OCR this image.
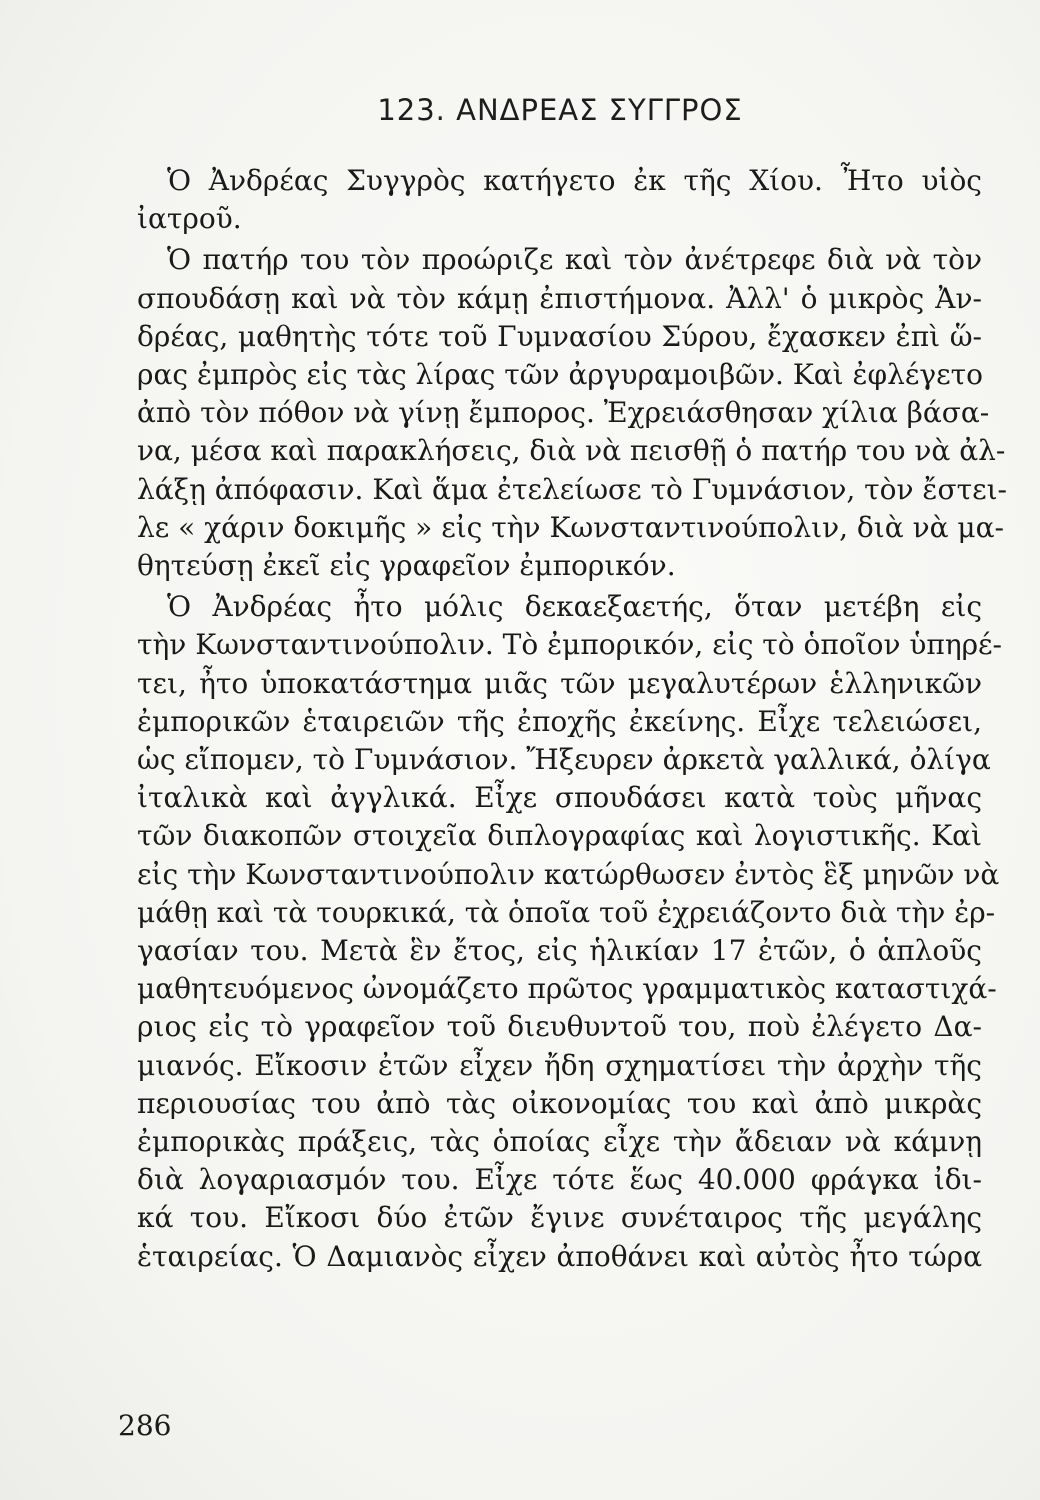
123. ΑΝΔΡΕΑΣ ΣΥΓΓΡΟΣ
Ὁ Ἀνδρέας Συγγρὸς κατήγετο ἐκ τῆς Χίου. Ἦτο υἱὸς
ἰατροῦ.
Ὁ πατήρ του τὸν προώριζε καὶ τὸν ἀνέτρεφε διὰ νὰ τὸν
σπουδάσῃ καὶ νὰ τὸν κάμῃ ἐπιστήμονα. Ἀλλ' ὁ μικρὸς Ἀν-
δρέας, μαθητὴς τότε τοῦ Γυμνασίου Σύρου, ἔχασκεν ἐπὶ ὥ-
ρας ἐμπρὸς εἰς τὰς λίρας τῶν ἀργυραμοιβῶν. Καὶ ἐφλέγετο
ἀπὸ τὸν πόθον νὰ γίνῃ ἔμπορος. Ἐχρειάσθησαν χίλια βάσα-
να, μέσα καὶ παρακλήσεις, διὰ νὰ πεισθῇ ὁ πατήρ του νὰ ἀλ-
λάξῃ ἀπόφασιν. Καὶ ἅμα ἐτελείωσε τὸ Γυμνάσιον, τὸν ἔστει-
λε « χάριν δοκιμῆς » εἰς τὴν Κωνσταντινούπολιν, διὰ νὰ μα-
θητεύσῃ ἐκεῖ εἰς γραφεῖον ἐμπορικόν.
Ὁ Ἀνδρέας ἦτο μόλις δεκαεξαετής, ὅταν μετέβη εἰς
τὴν Κωνσταντινούπολιν. Τὸ ἐμπορικόν, εἰς τὸ ὁποῖον ὑπηρέ-
τει, ἦτο ὑποκατάστημα μιᾶς τῶν μεγαλυτέρων ἑλληνικῶν
ἐμπορικῶν ἑταιρειῶν τῆς ἐποχῆς ἐκείνης. Εἶχε τελειώσει,
ὡς εἴπομεν, τὸ Γυμνάσιον. Ἤξευρεν ἀρκετὰ γαλλικά, ὀλίγα
ἰταλικὰ καὶ ἀγγλικά. Εἶχε σπουδάσει κατὰ τοὺς μῆνας
τῶν διακοπῶν στοιχεῖα διπλογραφίας καὶ λογιστικῆς. Καὶ
εἰς τὴν Κωνσταντινούπολιν κατώρθωσεν ἐντὸς ἓξ μηνῶν νὰ
μάθῃ καὶ τὰ τουρκικά, τὰ ὁποῖα τοῦ ἐχρειάζοντο διὰ τὴν ἐρ-
γασίαν του. Μετὰ ἓν ἔτος, εἰς ἡλικίαν 17 ἐτῶν, ὁ ἁπλοῦς
μαθητευόμενος ὠνομάζετο πρῶτος γραμματικὸς καταστιχά-
ριος εἰς τὸ γραφεῖον τοῦ διευθυντοῦ του, ποὺ ἐλέγετο Δα-
μιανός. Εἴκοσιν ἐτῶν εἶχεν ἤδη σχηματίσει τὴν ἀρχὴν τῆς
περιουσίας του ἀπὸ τὰς οἰκονομίας του καὶ ἀπὸ μικρὰς
ἐμπορικὰς πράξεις, τὰς ὁποίας εἶχε τὴν ἄδειαν νὰ κάμνῃ
διὰ λογαριασμόν του. Εἶχε τότε ἕως 40.000 φράγκα ἰδι-
κά του. Εἴκοσι δύο ἐτῶν ἔγινε συνέταιρος τῆς μεγάλης
ἑταιρείας. Ὁ Δαμιανὸς εἶχεν ἀποθάνει καὶ αὐτὸς ἦτο τώρα
286
